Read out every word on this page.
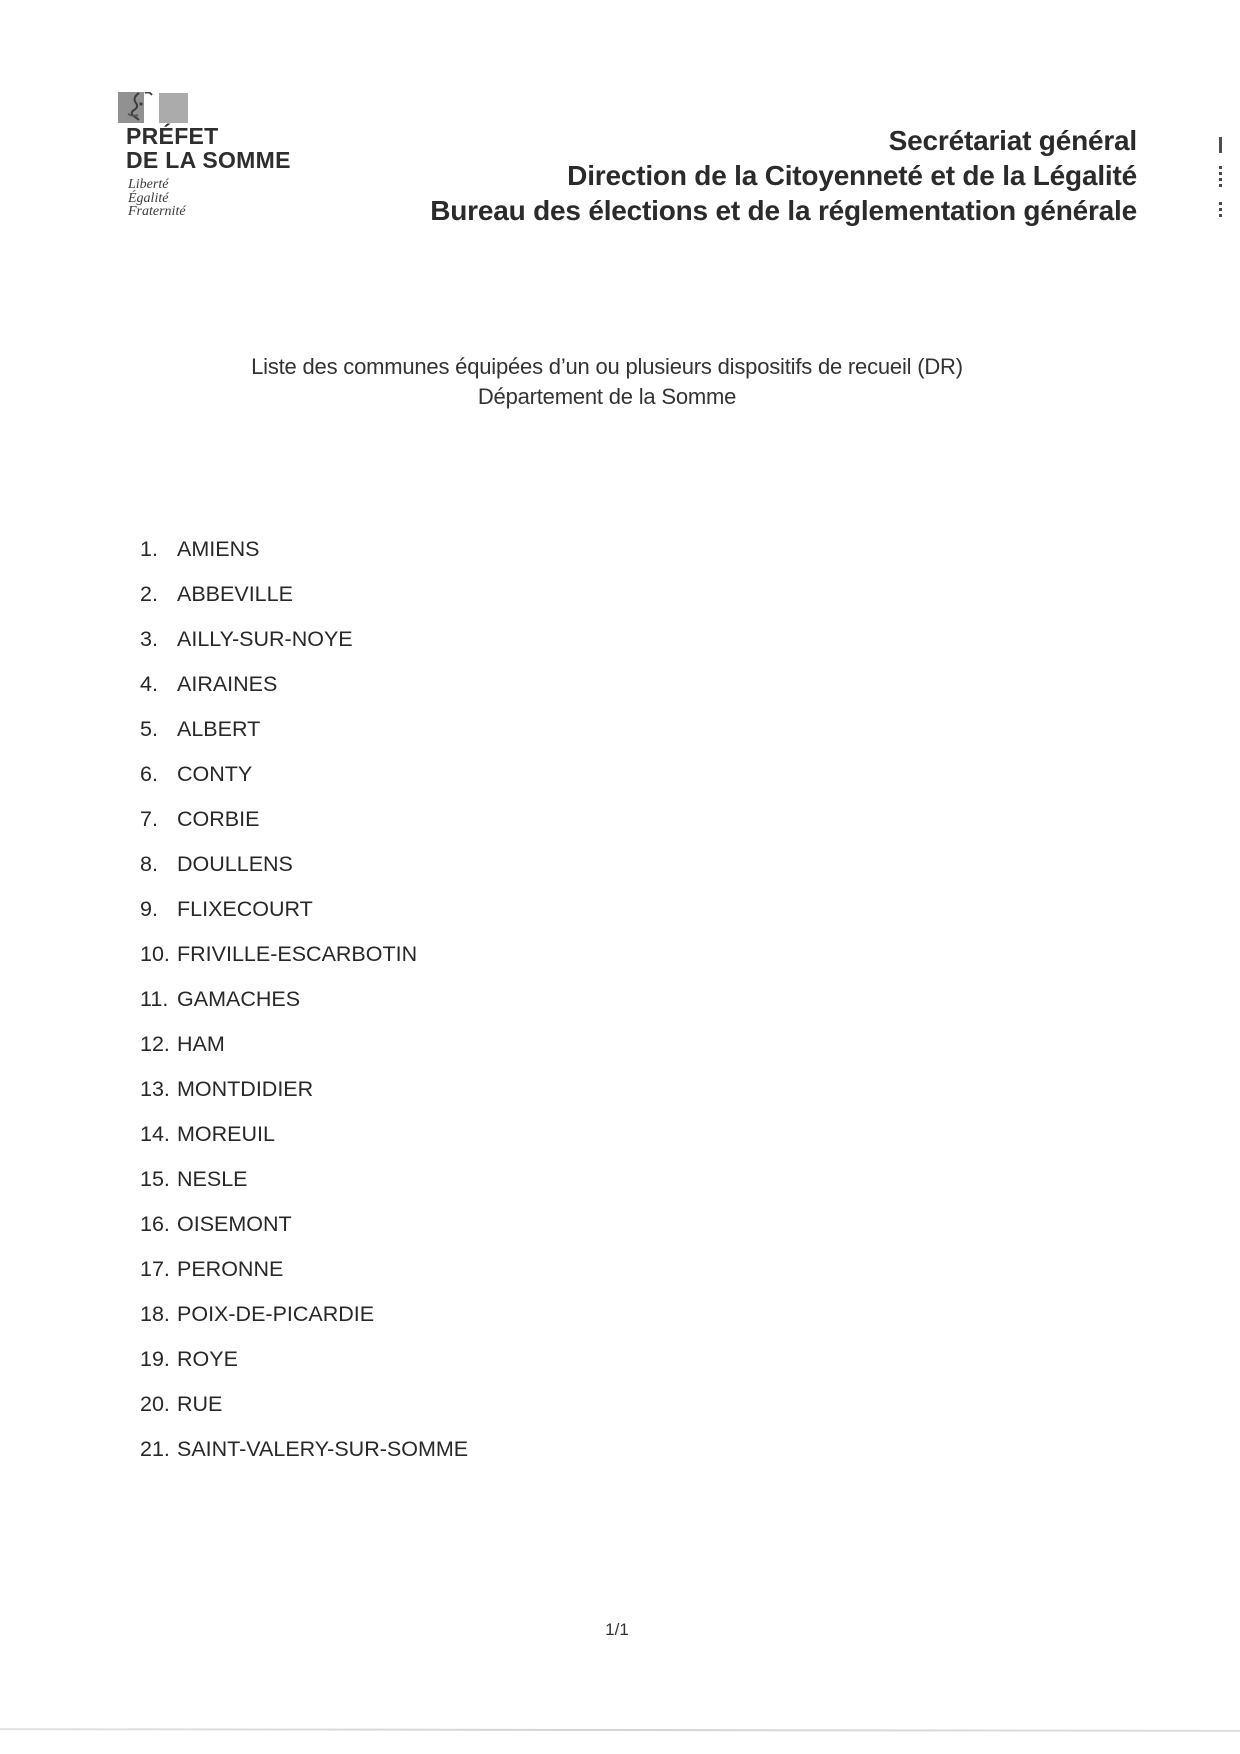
PRÉFET
DE LA SOMME
Liberté
Égalité
Fraternité
Secrétariat général
Direction de la Citoyenneté et de la Légalité
Bureau des élections et de la réglementation générale
Liste des communes équipées d’un ou plusieurs dispositifs de recueil (DR)
Département de la Somme
1. AMIENS
2. ABBEVILLE
3. AILLY-SUR-NOYE
4. AIRAINES
5. ALBERT
6. CONTY
7. CORBIE
8. DOULLENS
9. FLIXECOURT
10. FRIVILLE-ESCARBOTIN
11. GAMACHES
12. HAM
13. MONTDIDIER
14. MOREUIL
15. NESLE
16. OISEMONT
17. PERONNE
18. POIX-DE-PICARDIE
19. ROYE
20. RUE
21. SAINT-VALERY-SUR-SOMME
1/1
